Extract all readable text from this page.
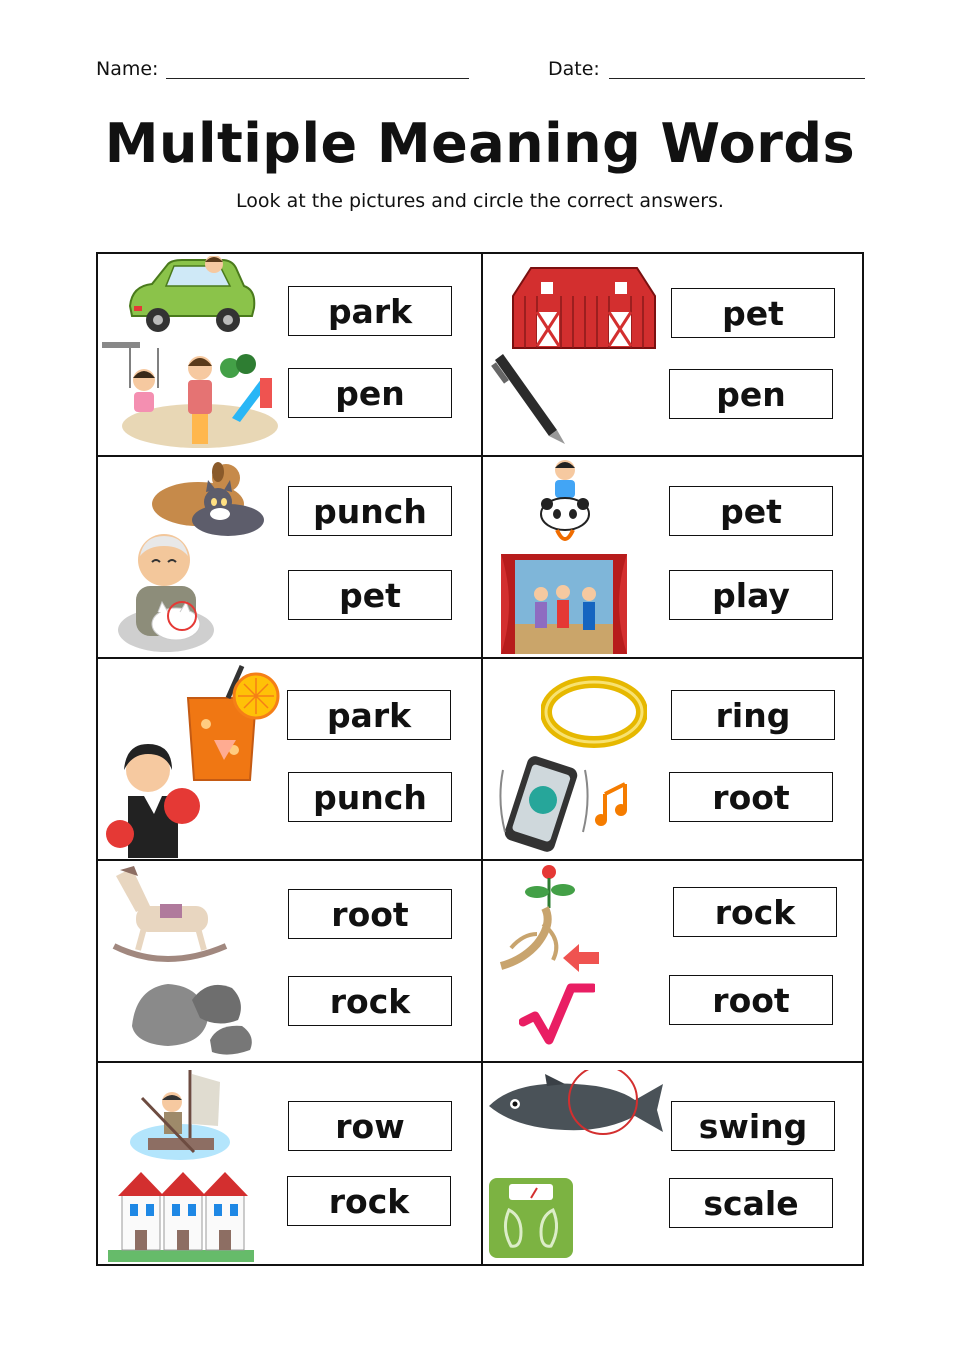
Name:	Date:
Multiple Meaning Words
Look at the pictures and circle the correct answers.
park
pen
pet
pen
punch
pet
pet
play
park
punch
ring
root
root
rock
rock
root
row
rock
swing
scale
